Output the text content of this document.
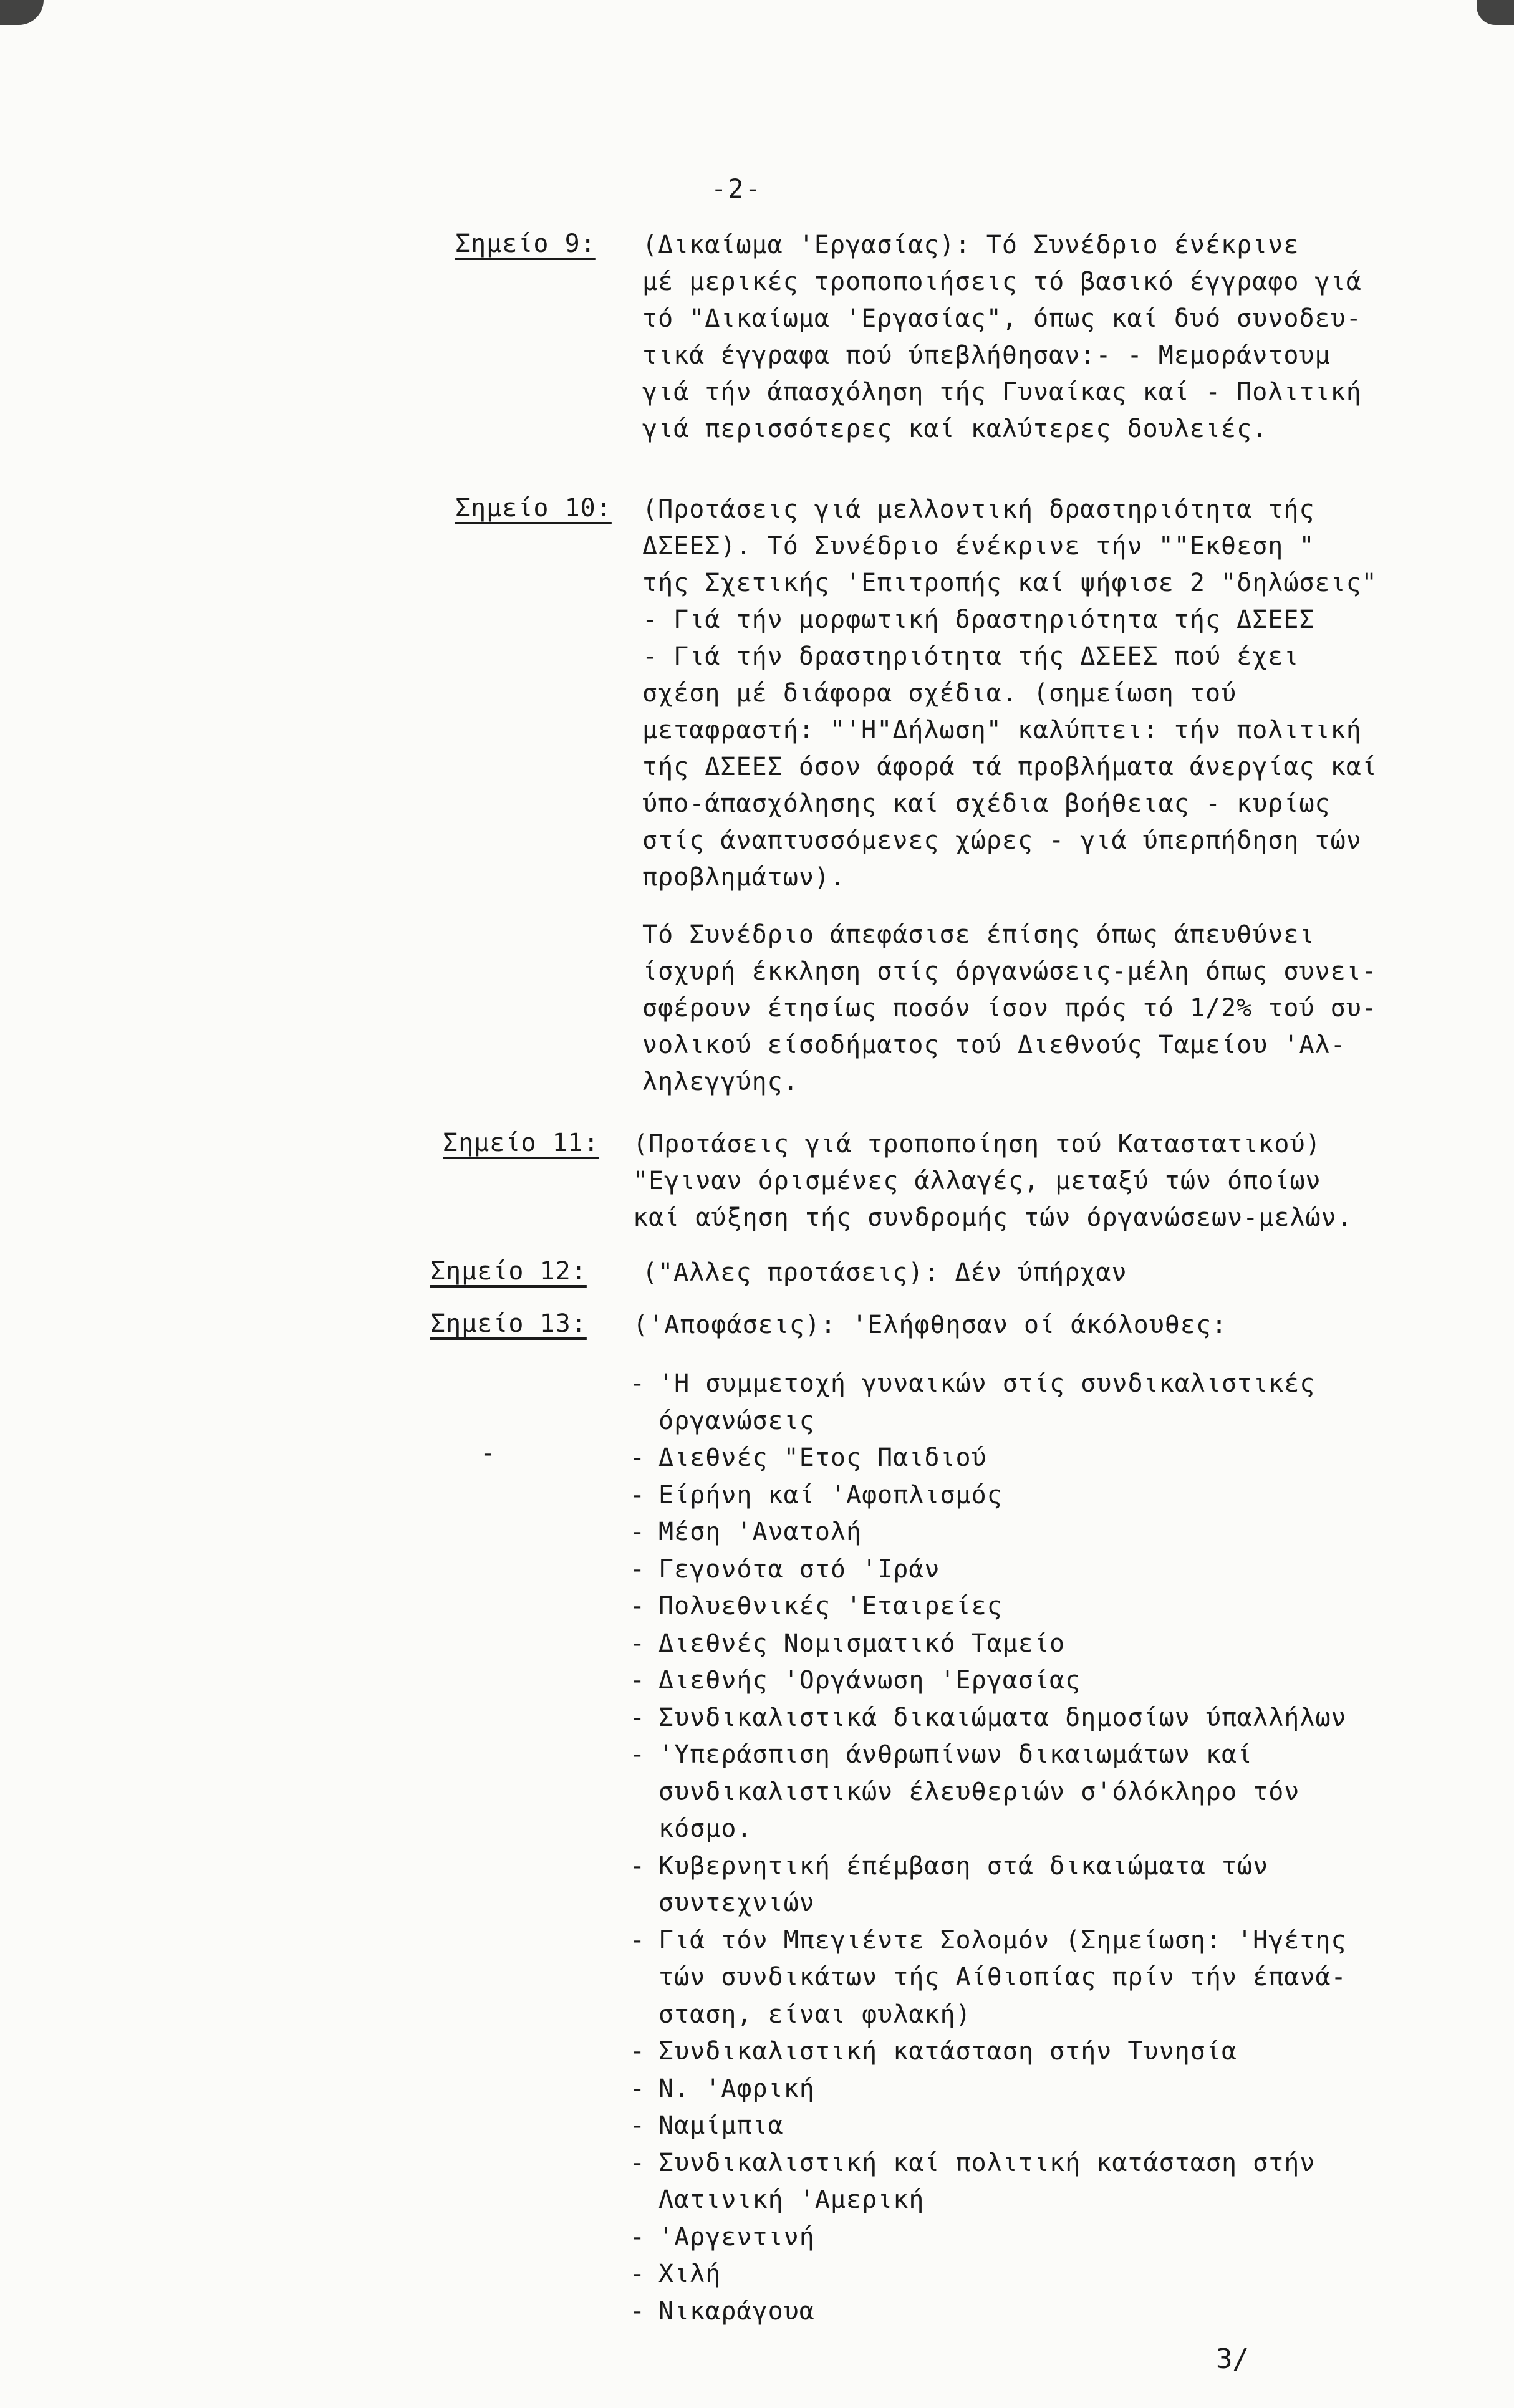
-2-
Σημείο 9: (Δικαίωμα 'Εργασίας): Τό Συνέδριο ένέκρινε
μέ μερικές τροποποιήσεις τό βασικό έγγραφο γιά
τό "Δικαίωμα 'Εργασίας", όπως καί δυό συνοδευ-
τικά έγγραφα πού ύπεβλήθησαν:- - Μεμοράντουμ
γιά τήν άπασχόληση τής Γυναίκας καί - Πολιτική
γιά περισσότερες καί καλύτερες δουλειές.
Σημείο 10: (Προτάσεις γιά μελλοντική δραστηριότητα τής
ΔΣΕΕΣ). Τό Συνέδριο ένέκρινε τήν ""Εκθεση "
τής Σχετικής 'Επιτροπής καί ψήφισε 2 "δηλώσεις"
- Γιά τήν μορφωτική δραστηριότητα τής ΔΣΕΕΣ
- Γιά τήν δραστηριότητα τής ΔΣΕΕΣ πού έχει
σχέση μέ διάφορα σχέδια. (σημείωση τού
μεταφραστή: "'Η"Δήλωση" καλύπτει: τήν πολιτική
τής ΔΣΕΕΣ όσον άφορά τά προβλήματα άνεργίας καί
ύπο-άπασχόλησης καί σχέδια βοήθειας - κυρίως
στίς άναπτυσσόμενες χώρες - γιά ύπερπήδηση τών
προβλημάτων).
Τό Συνέδριο άπεφάσισε έπίσης όπως άπευθύνει
ίσχυρή έκκληση στίς όργανώσεις-μέλη όπως συνει-
σφέρουν έτησίως ποσόν ίσον πρός τό 1/2% τού συ-
νολικού είσοδήματος τού Διεθνούς Ταμείου 'Αλ-
ληλεγγύης.
Σημείο 11: (Προτάσεις γιά τροποποίηση τού Καταστατικού)
"Εγιναν όρισμένες άλλαγές, μεταξύ τών όποίων
καί αύξηση τής συνδρομής τών όργανώσεων-μελών.
Σημείο 12: ("Αλλες προτάσεις): Δέν ύπήρχαν
Σημείο 13: ('Αποφάσεις): 'Ελήφθησαν οί άκόλουθες:
-
- 'Η συμμετοχή γυναικών στίς συνδικαλιστικές
όργανώσεις
- Διεθνές "Ετος Παιδιού
- Είρήνη καί 'Αφοπλισμός
- Μέση 'Ανατολή
- Γεγονότα στό 'Ιράν
- Πολυεθνικές 'Εταιρείες
- Διεθνές Νομισματικό Ταμείο
- Διεθνής 'Οργάνωση 'Εργασίας
- Συνδικαλιστικά δικαιώματα δημοσίων ύπαλλήλων
- 'Υπεράσπιση άνθρωπίνων δικαιωμάτων καί
συνδικαλιστικών έλευθεριών σ'όλόκληρο τόν
κόσμο.
- Κυβερνητική έπέμβαση στά δικαιώματα τών
συντεχνιών
- Γιά τόν Μπεγιέντε Σολομόν (Σημείωση: 'Ηγέτης
τών συνδικάτων τής Αίθιοπίας πρίν τήν έπανά-
σταση, είναι φυλακή)
- Συνδικαλιστική κατάσταση στήν Τυνησία
- Ν. 'Αφρική
- Ναμίμπια
- Συνδικαλιστική καί πολιτική κατάσταση στήν
Λατινική 'Αμερική
- 'Αργεντινή
- Χιλή
- Νικαράγουα
3/
